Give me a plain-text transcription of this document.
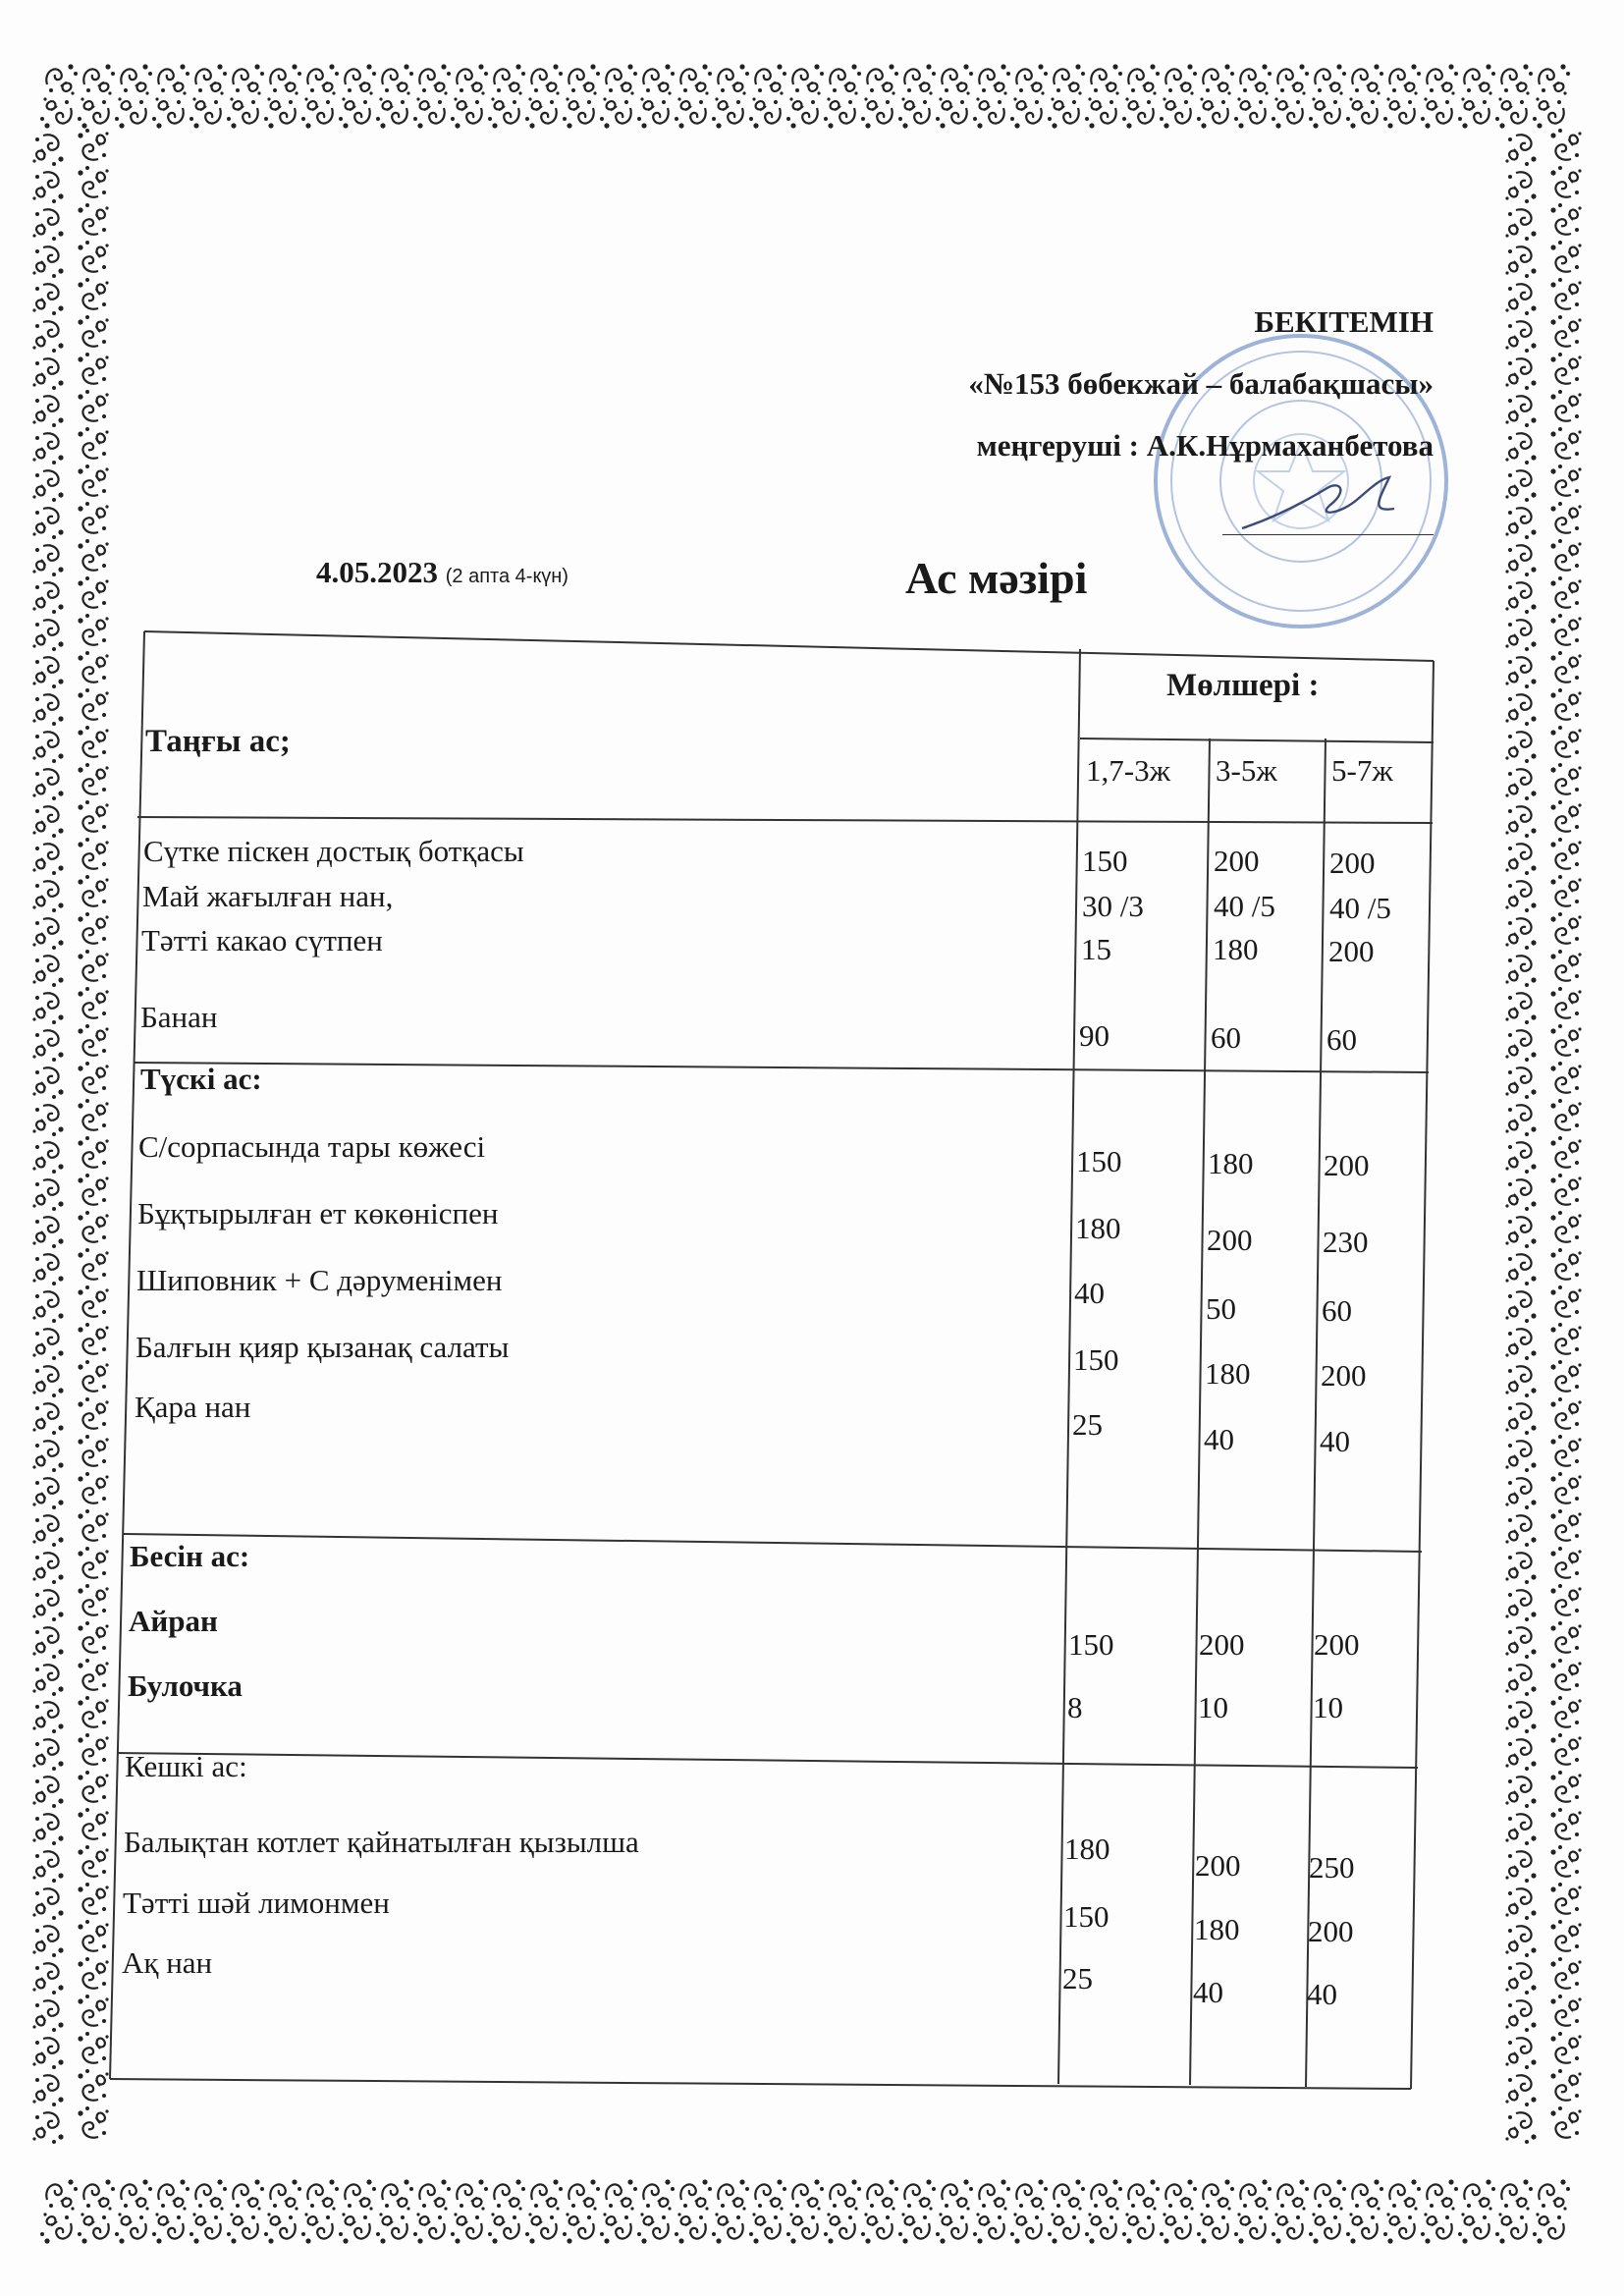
БЕКІТЕМІН
«№153 бөбекжай – балабақшасы»
меңгеруші : А.К.Нұрмаханбетова
4.05.2023 (2 апта 4-күн)	Ас мәзірі
Мөлшері :
1,7-3ж 3-5ж 5-7ж
Таңғы ас;
Сүтке піскен достық ботқасы
Май жағылған нан,
Тәтті какао сүтпен
Банан
150
30 /3
15
90
200
40 /5
180
60
200
40 /5
200
60
Түскі ас:
С/сорпасында тары көжесі
Бұқтырылған ет көкөніспен
Шиповник + С дәруменімен
Балғын қияр қызанақ салаты
Қара нан
150
180
40
150
25
180
200
50
180
40
200
230
60
200
40
Бесін ас:
Айран
Булочка
150
8
200
10
200
10
Кешкі ас:
Балықтан котлет қайнатылған қызылша
Тәтті шәй лимонмен
Ақ нан
180
150
25
200
180
40
250
200
40
